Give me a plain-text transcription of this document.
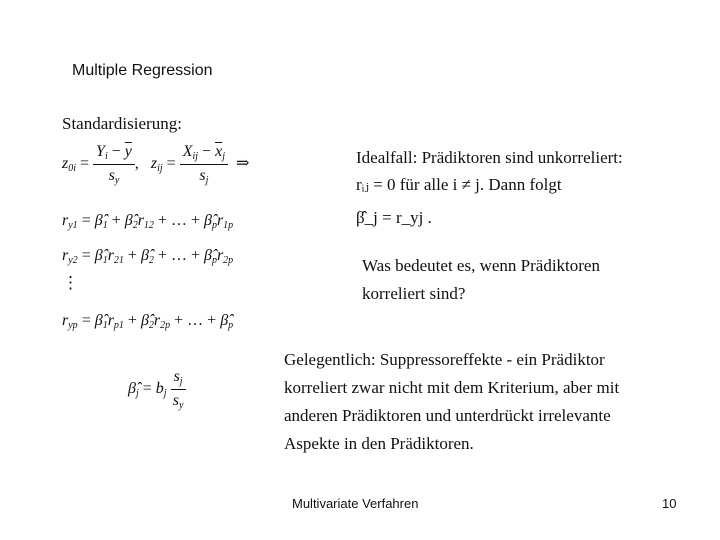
Multiple Regression
Standardisierung:
$z_{0i} = \frac{Y_i - \overline{y}}{s_y}$ ,   $z_{ij} = \frac{X_{ij} - \overline{x}_j}{s_j}$ ⇒
$r_{y1}$ = $\betâ_1$ + $\betâ_2r_{12}$ + … + $\betâ_pr_{1p}$
$r_{y2}$ = $\betâ_1r_{21}$ + $\betâ_2$ + … + $\betâ_pr_{2p}$
⋮
$r_{yp}$ = $\betâ_1r_{p1}$ + $\betâ_2r_{2p}$ + … + $\betâ_p$
$\betâ_j = b_j \frac{s_j}{s_y}$
Idealfall: Prädiktoren sind unkorreliert:
rᵢⱼ = 0 für alle i ≠ j. Dann folgt
β̂_j = r_yj .
Was bedeutet es, wenn Prädiktoren
korreliert sind?
Gelegentlich: Suppressoreffekte - ein Prädiktor
korreliert zwar nicht mit dem Kriterium, aber mit
anderen Prädiktoren und unterdrückt irrelevante
Aspekte in den Prädiktoren.
Multivariate Verfahren	10
